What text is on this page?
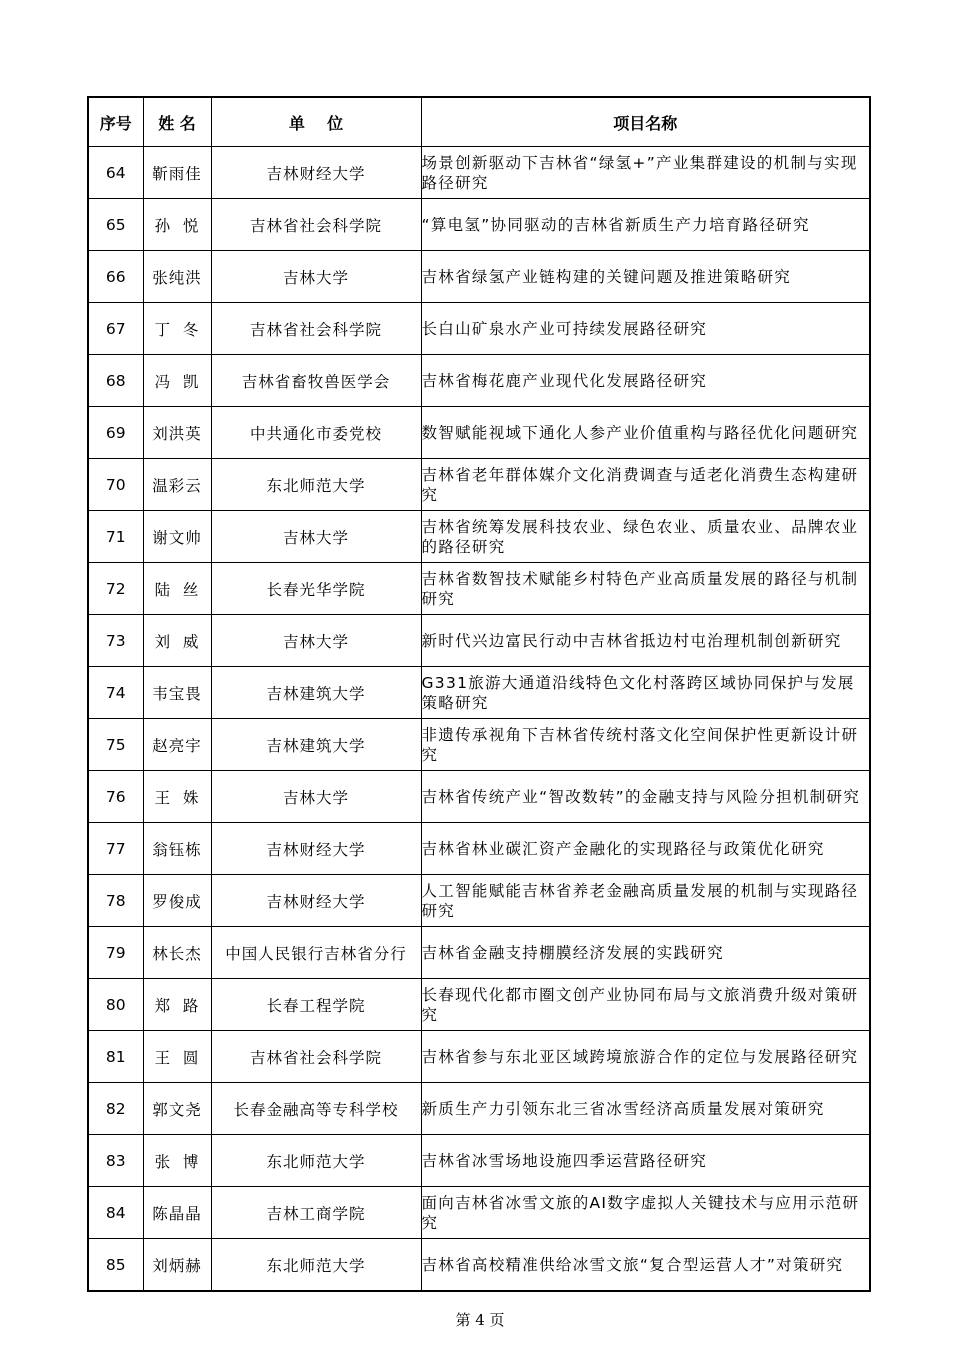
序号	姓 名	单    位	项目名称
64	靳雨佳	吉林财经大学	场景创新驱动下吉林省“绿氢+”产业集群建设的机制与实现路径研究
65	孙  悦	吉林省社会科学院	“算电氢”协同驱动的吉林省新质生产力培育路径研究
66	张纯洪	吉林大学	吉林省绿氢产业链构建的关键问题及推进策略研究
67	丁  冬	吉林省社会科学院	长白山矿泉水产业可持续发展路径研究
68	冯  凯	吉林省畜牧兽医学会	吉林省梅花鹿产业现代化发展路径研究
69	刘洪英	中共通化市委党校	数智赋能视域下通化人参产业价值重构与路径优化问题研究
70	温彩云	东北师范大学	吉林省老年群体媒介文化消费调查与适老化消费生态构建研究
71	谢文帅	吉林大学	吉林省统筹发展科技农业、绿色农业、质量农业、品牌农业的路径研究
72	陆  丝	长春光华学院	吉林省数智技术赋能乡村特色产业高质量发展的路径与机制研究
73	刘  威	吉林大学	新时代兴边富民行动中吉林省抵边村屯治理机制创新研究
74	韦宝畏	吉林建筑大学	G331旅游大通道沿线特色文化村落跨区域协同保护与发展策略研究
75	赵亮宇	吉林建筑大学	非遗传承视角下吉林省传统村落文化空间保护性更新设计研究
76	王  姝	吉林大学	吉林省传统产业“智改数转”的金融支持与风险分担机制研究
77	翁钰栋	吉林财经大学	吉林省林业碳汇资产金融化的实现路径与政策优化研究
78	罗俊成	吉林财经大学	人工智能赋能吉林省养老金融高质量发展的机制与实现路径研究
79	林长杰	中国人民银行吉林省分行	吉林省金融支持棚膜经济发展的实践研究
80	郑  路	长春工程学院	长春现代化都市圈文创产业协同布局与文旅消费升级对策研究
81	王  圆	吉林省社会科学院	吉林省参与东北亚区域跨境旅游合作的定位与发展路径研究
82	郭文尧	长春金融高等专科学校	新质生产力引领东北三省冰雪经济高质量发展对策研究
83	张  博	东北师范大学	吉林省冰雪场地设施四季运营路径研究
84	陈晶晶	吉林工商学院	面向吉林省冰雪文旅的AI数字虚拟人关键技术与应用示范研究
85	刘炳赫	东北师范大学	吉林省高校精准供给冰雪文旅“复合型运营人才”对策研究
第 4 页
